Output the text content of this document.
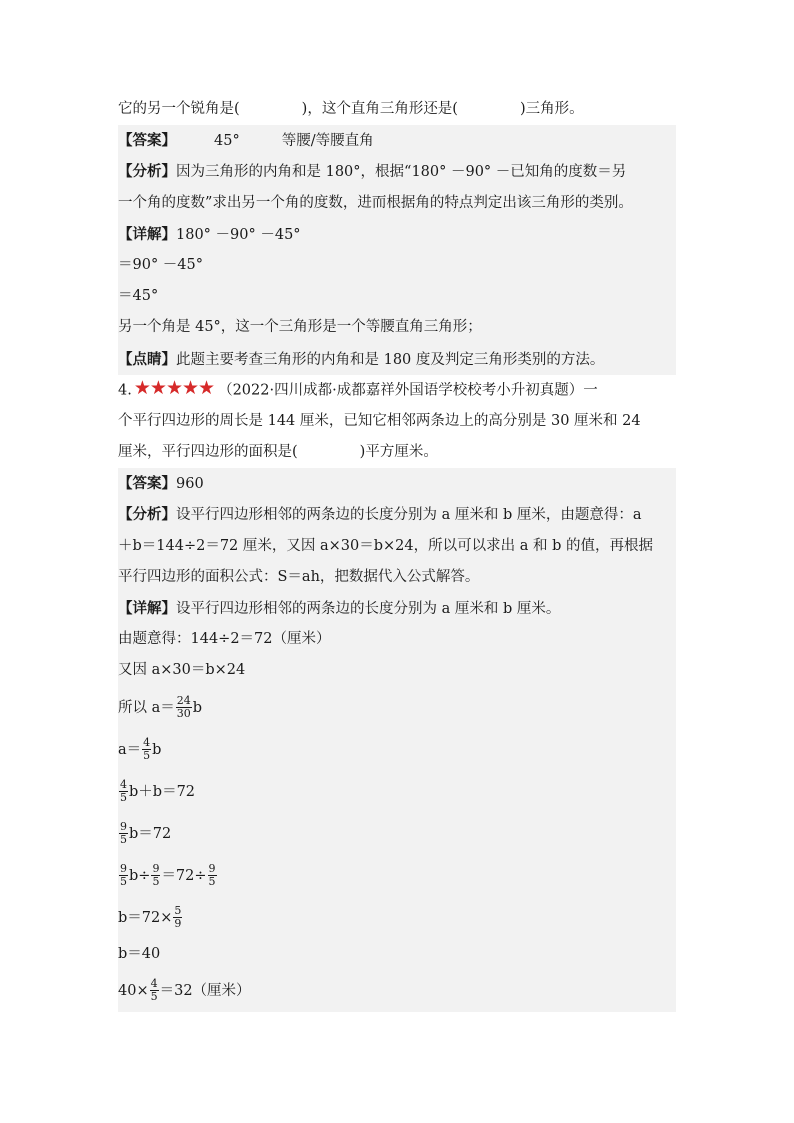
它的另一个锐角是(	)，这个直角三角形还是(	)三角形。
【答案】	45°	等腰/等腰直角
【分析】因为三角形的内角和是 180°，根据“180° －90° －已知角的度数＝另
一个角的度数”求出另一个角的度数，进而根据角的特点判定出该三角形的类别。
【详解】180° －90° －45°
＝90° －45°
＝45°
另一个角是 45°，这一个三角形是一个等腰直角三角形；
【点睛】此题主要考查三角形的内角和是 180 度及判定三角形类别的方法。
4. ★★★★★ （2022·四川成都·成都嘉祥外国语学校校考小升初真题）一
个平行四边形的周长是 144 厘米，已知它相邻两条边上的高分别是 30 厘米和 24
厘米，平行四边形的面积是(	)平方厘米。
【答案】960
【分析】设平行四边形相邻的两条边的长度分别为 a 厘米和 b 厘米，由题意得：a
＋b＝144÷2＝72 厘米，又因 a×30＝b×24，所以可以求出 a 和 b 的值，再根据
平行四边形的面积公式：S＝ah，把数据代入公式解答。
【详解】设平行四边形相邻的两条边的长度分别为 a 厘米和 b 厘米。
由题意得：144÷2＝72（厘米）
又因 a×30＝b×24
所以 $a= \frac{24}{30}$ b
$a= \frac{4}{5}$ b
$\frac{4}{5} b+b=72$
$\frac{9}{5} b=72$
$\frac{9}{5} b\div \frac{9}{5} =72\div \frac{9}{5}$
$b=72\times \frac{5}{9}$
b＝40
$40\times \frac{4}{5} =32$（厘米）
